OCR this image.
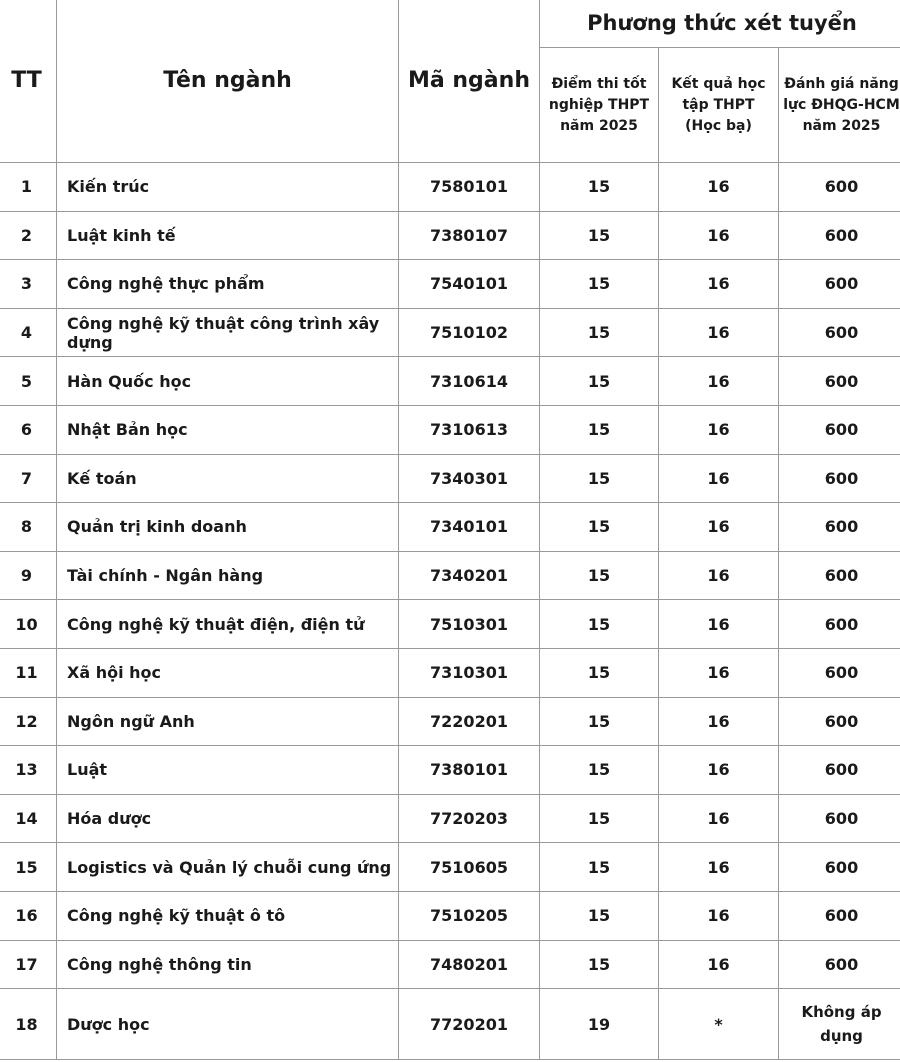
TT	Tên ngành	Mã ngành	Phương thức xét tuyển		
			Điểm thi tốt nghiệp THPT năm 2025	Kết quả học tập THPT (Học bạ)	Đánh giá năng lực ĐHQG-HCM năm 2025
1	Kiến trúc	7580101	15	16	600
2	Luật kinh tế	7380107	15	16	600
3	Công nghệ thực phẩm	7540101	15	16	600
4	Công nghệ kỹ thuật công trình xây dựng	7510102	15	16	600
5	Hàn Quốc học	7310614	15	16	600
6	Nhật Bản học	7310613	15	16	600
7	Kế toán	7340301	15	16	600
8	Quản trị kinh doanh	7340101	15	16	600
9	Tài chính - Ngân hàng	7340201	15	16	600
10	Công nghệ kỹ thuật điện, điện tử	7510301	15	16	600
11	Xã hội học	7310301	15	16	600
12	Ngôn ngữ Anh	7220201	15	16	600
13	Luật	7380101	15	16	600
14	Hóa dược	7720203	15	16	600
15	Logistics và Quản lý chuỗi cung ứng	7510605	15	16	600
16	Công nghệ kỹ thuật ô tô	7510205	15	16	600
17	Công nghệ thông tin	7480201	15	16	600
18	Dược học	7720201	19	*	Không áp dụng
